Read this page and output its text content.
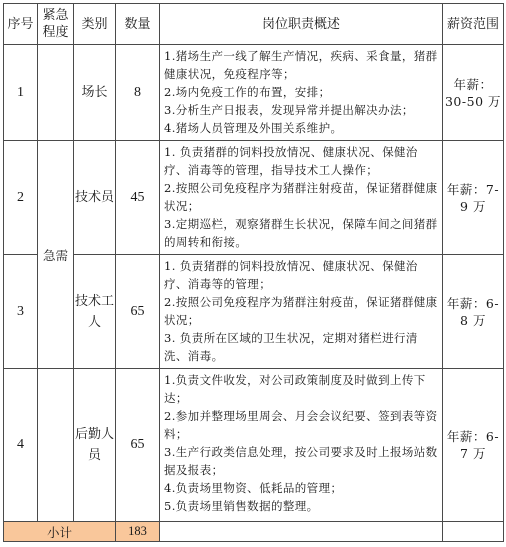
序号	紧急程度	类别	数量	岗位职责概述	薪资范围
1		场长	8	1.猪场生产一线了解生产情况，疾病、采食量，猪群健康状况，免疫程序等；
2.场内免疫工作的布置，安排；
3.分析生产日报表，发现异常并提出解决办法；
4.猪场人员管理及外围关系维护。	年薪：30-50 万
2	急需	技术员	45	1. 负责猪群的饲料投放情况、健康状况、保健治疗、消毒等的管理，指导技术工人操作；
2.按照公司免疫程序为猪群注射疫苗，保证猪群健康状况；
3.定期巡栏，观察猪群生长状况，保障车间之间猪群的周转和衔接。	年薪：7-9 万
3		技术工人	65	1. 负责猪群的饲料投放情况、健康状况、保健治疗、消毒等的管理；
2.按照公司免疫程序为猪群注射疫苗，保证猪群健康状况；
3. 负责所在区域的卫生状况，定期对猪栏进行清洗、消毒。	年薪：6-8 万
4		后勤人员	65	1.负责文件收发，对公司政策制度及时做到上传下达；
2.参加并整理场里周会、月会会议纪要、签到表等资料；
3.生产行政类信息处理，按公司要求及时上报场站数据及报表；
4.负责场里物资、低耗品的管理；
5.负责场里销售数据的整理。	年薪：6-7 万
小计			183		
